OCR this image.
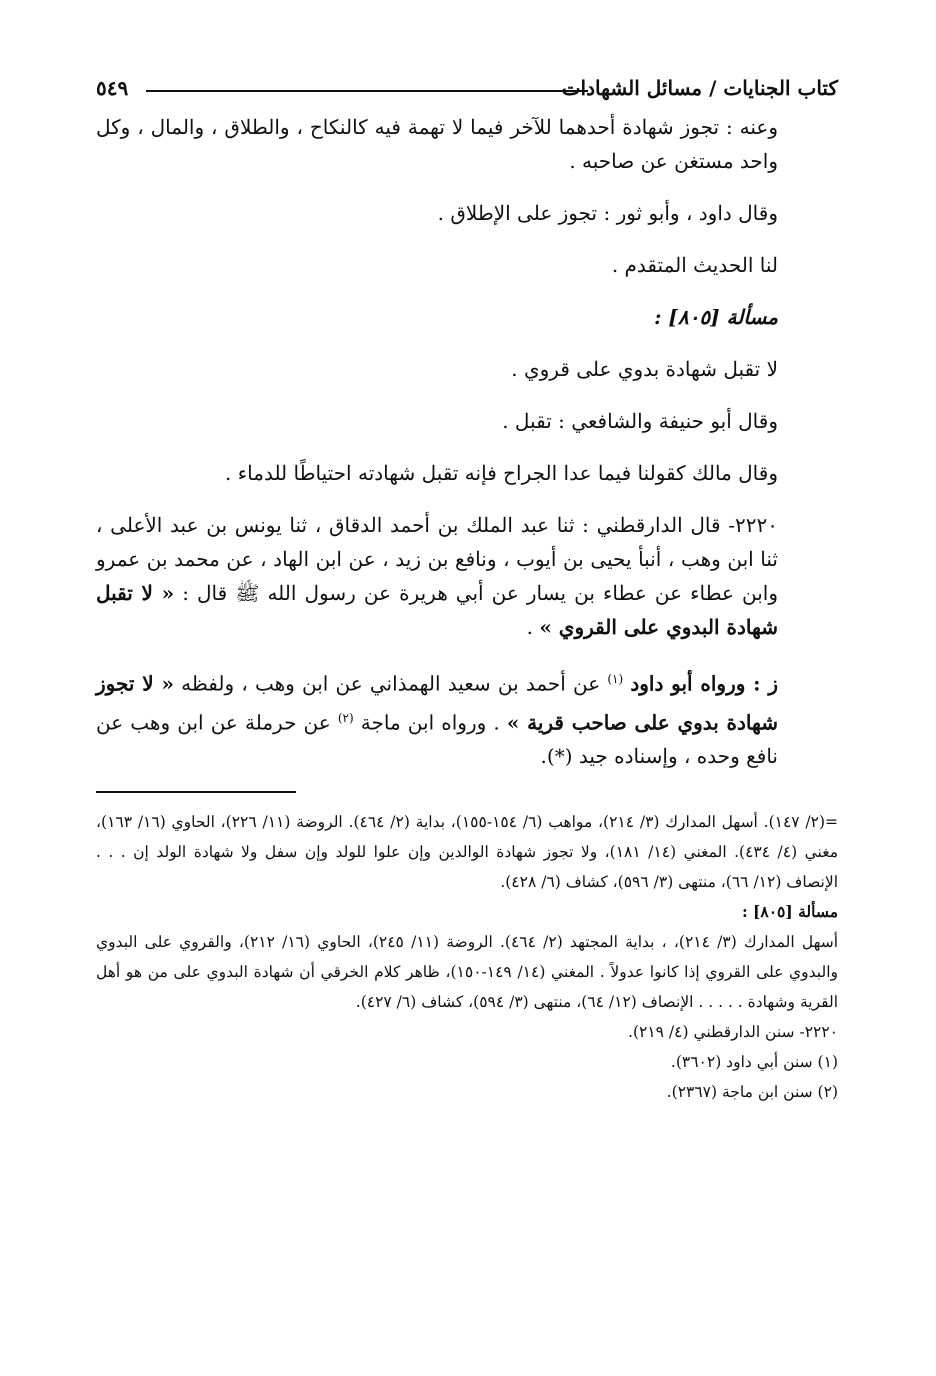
كتاب الجنايات / مسائل الشهادات
٥٤٩

وعنه : تجوز شهادة أحدهما للآخر فيما لا تهمة فيه كالنكاح ، والطلاق ، والمال ، وكل واحد مستغن عن صاحبه .

وقال داود ، وأبو ثور : تجوز على الإطلاق .

لنا الحديث المتقدم .

مسألة [٨٠٥] :

لا تقبل شهادة بدوي على قروي .

وقال أبو حنيفة والشافعي : تقبل .

وقال مالك كقولنا فيما عدا الجراح فإنه تقبل شهادته احتياطًا للدماء .

٢٢٢٠- قال الدارقطني : ثنا عبد الملك بن أحمد الدقاق ، ثنا يونس بن عبد الأعلى ، ثنا ابن وهب ، أنبأ يحيى بن أيوب ، ونافع بن زيد ، عن ابن الهاد ، عن محمد بن عمرو وابن عطاء عن عطاء بن يسار عن أبي هريرة عن رسول الله ﷺ قال : « لا تقبل شهادة البدوي على القروي » .

ز : ورواه أبو داود $^{(١)}$ عن أحمد بن سعيد الهمذاني عن ابن وهب ، ولفظه « لا تجوز شهادة بدوي على صاحب قرية » . ورواه ابن ماجة $^{(٢)}$ عن حرملة عن ابن وهب عن نافع وحده ، وإسناده جيد (*).

=(٢/ ١٤٧). أسهل المدارك (٣/ ٢١٤)، مواهب (٦/ ١٥٤-١٥٥)، بداية (٢/ ٤٦٤). الروضة (١١/ ٢٢٦)، الحاوي (١٦/ ١٦٣)، مغني (٤/ ٤٣٤). المغني (١٤/ ١٨١)، ولا تجوز شهادة الوالدين وإن علوا للولد وإن سفل ولا شهادة الولد إن . . . الإنصاف (١٢/ ٦٦)، منتهى (٣/ ٥٩٦)، كشاف (٦/ ٤٢٨).

مسألة [٨٠٥] :

أسهل المدارك (٣/ ٢١٤)، ، بداية المجتهد (٢/ ٤٦٤). الروضة (١١/ ٢٤٥)، الحاوي (١٦/ ٢١٢)، والقروي على البدوي والبدوي على القروي إذا كانوا عدولاً . المغني (١٤/ ١٤٩-١٥٠)، ظاهر كلام الخرقي أن شهادة البدوي على من هو أهل القرية وشهادة . . . . . الإنصاف (١٢/ ٦٤)، منتهى (٣/ ٥٩٤)، كشاف (٦/ ٤٢٧).

٢٢٢٠- سنن الدارقطني (٤/ ٢١٩).

(١) سنن أبي داود (٣٦٠٢).

(٢) سنن ابن ماجة (٢٣٦٧).
